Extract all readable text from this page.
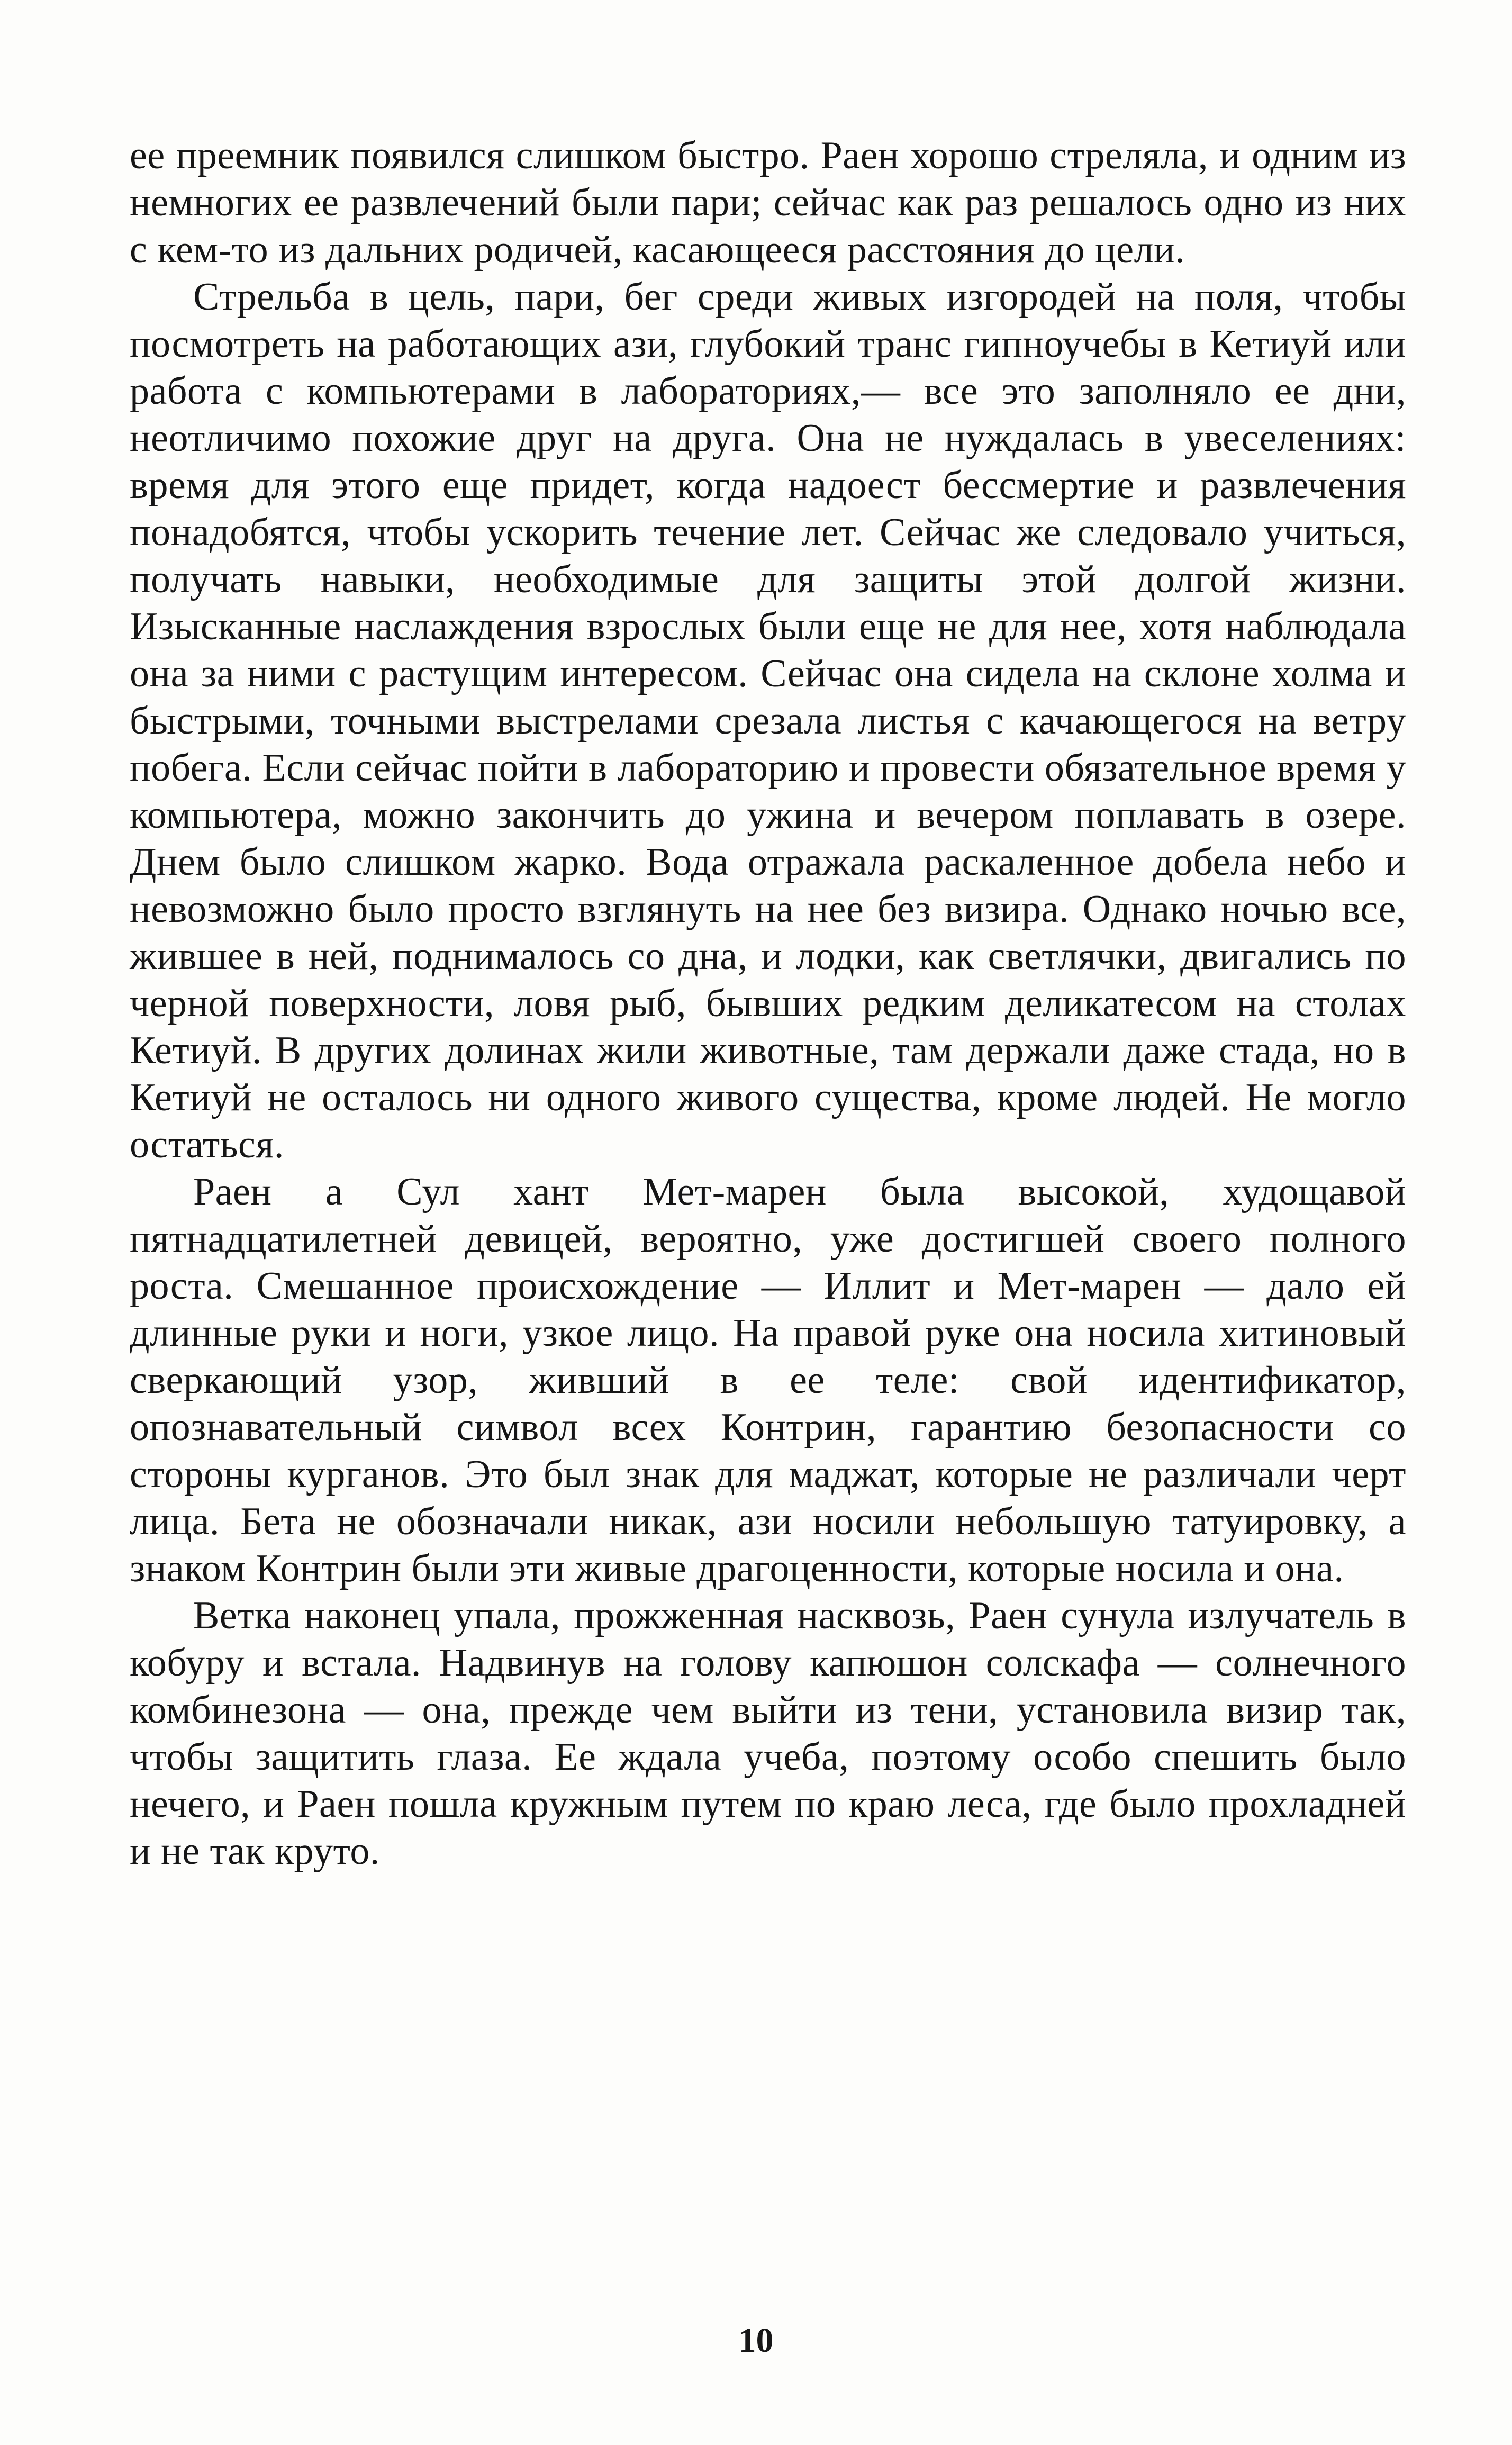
ее преемник появился слишком быстро. Раен хорошо стреляла, и одним из немногих ее развлечений были пари; сейчас как раз решалось одно из них с кем-то из дальних родичей, касающееся расстояния до цели.

Стрельба в цель, пари, бег среди живых изгородей на поля, чтобы посмотреть на работающих ази, глубокий транс гипноучебы в Кетиуй или работа с компьютерами в лабораториях,— все это заполняло ее дни, неотличимо похожие друг на друга. Она не нуждалась в увеселениях: время для этого еще придет, когда надоест бессмертие и развлечения понадобятся, чтобы ускорить течение лет. Сейчас же следовало учиться, получать навыки, необходимые для защиты этой долгой жизни. Изысканные наслаждения взрослых были еще не для нее, хотя наблюдала она за ними с растущим интересом. Сейчас она сидела на склоне холма и быстрыми, точными выстрелами срезала листья с качающегося на ветру побега. Если сейчас пойти в лабораторию и провести обязательное время у компьютера, можно закончить до ужина и вечером поплавать в озере. Днем было слишком жарко. Вода отражала раскаленное добела небо и невозможно было просто взглянуть на нее без визира. Однако ночью все, жившее в ней, поднималось со дна, и лодки, как светлячки, двигались по черной поверхности, ловя рыб, бывших редким деликатесом на столах Кетиуй. В других долинах жили животные, там держали даже стада, но в Кетиуй не осталось ни одного живого существа, кроме людей. Не могло остаться.

Раен а Сул хант Мет-марен была высокой, худощавой пятнадцатилетней девицей, вероятно, уже достигшей своего полного роста. Смешанное происхождение — Иллит и Мет-марен — дало ей длинные руки и ноги, узкое лицо. На правой руке она носила хитиновый сверкающий узор, живший в ее теле: свой идентификатор, опознавательный символ всех Контрин, гарантию безопасности со стороны курганов. Это был знак для маджат, которые не различали черт лица. Бета не обозначали никак, ази носили небольшую татуировку, а знаком Контрин были эти живые драгоценности, которые носила и она.

Ветка наконец упала, прожженная насквозь, Раен сунула излучатель в кобуру и встала. Надвинув на голову капюшон солскафа — солнечного комбинезона — она, прежде чем выйти из тени, установила визир так, чтобы защитить глаза. Ее ждала учеба, поэтому особо спешить было нечего, и Раен пошла кружным путем по краю леса, где было прохладней и не так круто.

10
